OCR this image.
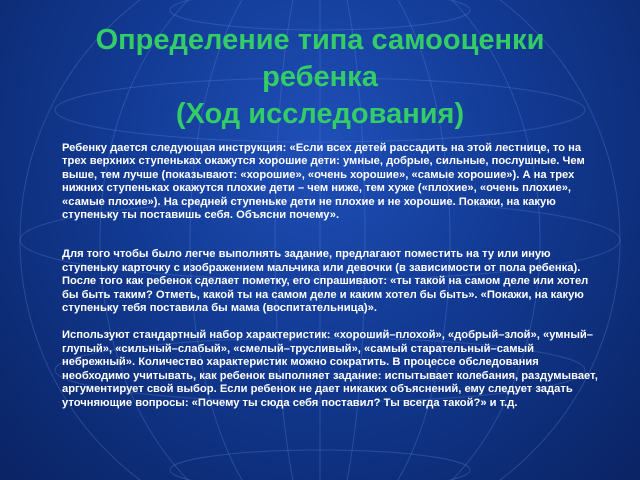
Определение типа самооценки
ребенка
(Ход исследования)

Ребенку дается следующая инструкция: «Если всех детей рассадить на этой лестнице, то на трех верхних ступеньках окажутся хорошие дети: умные, добрые, сильные, послушные. Чем выше, тем лучше (показывают: «хорошие», «очень хорошие», «самые хорошие»). А на трех нижних ступеньках окажутся плохие дети – чем ниже, тем хуже («плохие», «очень плохие», «самые плохие»). На средней ступеньке дети не плохие и не хорошие. Покажи, на какую ступеньку ты поставишь себя. Объясни почему».

Для того чтобы было легче выполнять задание, предлагают поместить на ту или иную ступеньку карточку с изображением мальчика или девочки (в зависимости от пола ребенка). После того как ребенок сделает пометку, его спрашивают: «ты такой на самом деле или хотел бы быть таким? Отметь, какой ты на самом деле и каким хотел бы быть». «Покажи, на какую ступеньку тебя поставила бы мама (воспитательница)».

Используют стандартный набор характеристик: «хороший–плохой», «добрый–злой», «умный–глупый», «сильный–слабый», «смелый–трусливый», «самый старательный–самый небрежный». Количество характеристик можно сократить. В процессе обследования необходимо учитывать, как ребенок выполняет задание: испытывает колебания, раздумывает, аргументирует свой выбор. Если ребенок не дает никаких объяснений, ему следует задать уточняющие вопросы: «Почему ты сюда себя поставил? Ты всегда такой?» и т.д.
